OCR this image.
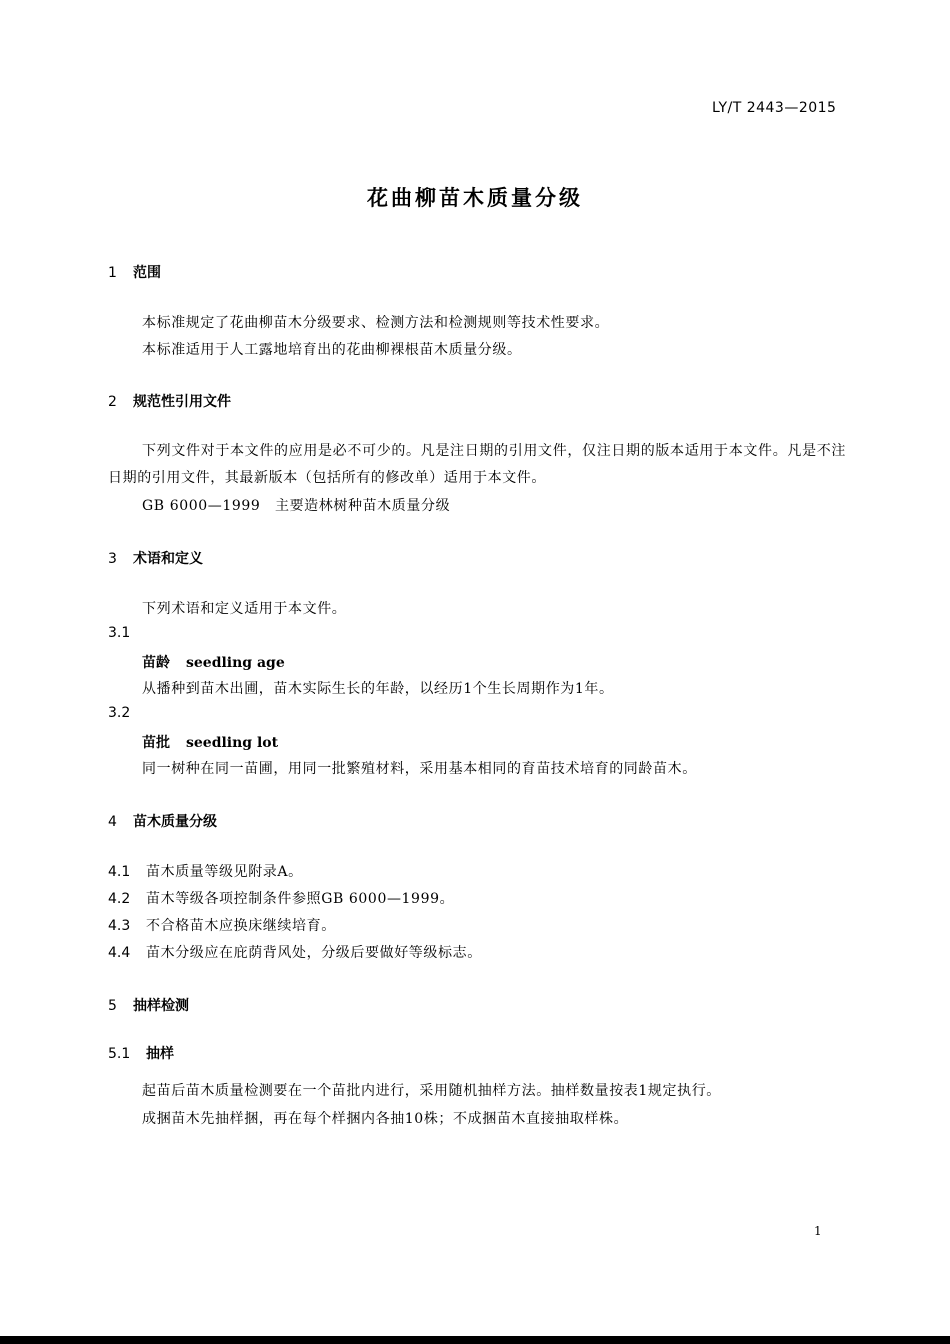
LY/T 2443—2015
花曲柳苗木质量分级
1 范围
本标准规定了花曲柳苗木分级要求、检测方法和检测规则等技术性要求。
本标准适用于人工露地培育出的花曲柳裸根苗木质量分级。
2 规范性引用文件
下列文件对于本文件的应用是必不可少的。凡是注日期的引用文件，仅注日期的版本适用于本文件。凡是不注日期的引用文件，其最新版本（包括所有的修改单）适用于本文件。
GB 6000—1999　主要造林树种苗木质量分级
3 术语和定义
下列术语和定义适用于本文件。
3.1
苗龄 seedling age
从播种到苗木出圃，苗木实际生长的年龄，以经历1个生长周期作为1年。
3.2
苗批 seedling lot
同一树种在同一苗圃，用同一批繁殖材料，采用基本相同的育苗技术培育的同龄苗木。
4 苗木质量分级
4.1 苗木质量等级见附录A。
4.2 苗木等级各项控制条件参照GB 6000—1999。
4.3 不合格苗木应换床继续培育。
4.4 苗木分级应在庇荫背风处，分级后要做好等级标志。
5 抽样检测
5.1 抽样
起苗后苗木质量检测要在一个苗批内进行，采用随机抽样方法。抽样数量按表1规定执行。
成捆苗木先抽样捆，再在每个样捆内各抽10株；不成捆苗木直接抽取样株。
1
